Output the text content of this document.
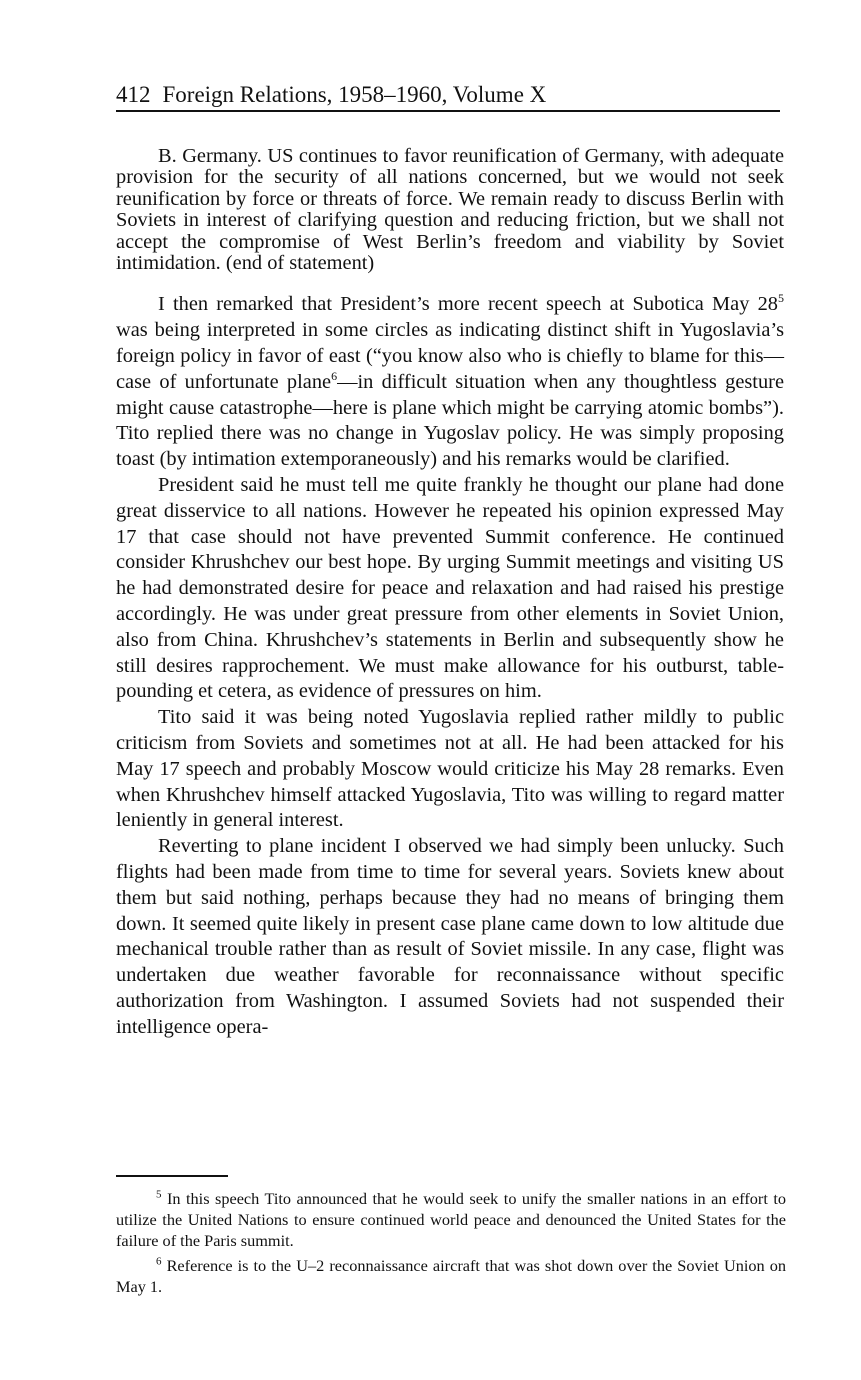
412 Foreign Relations, 1958–1960, Volume X

B. Germany. US continues to favor reunification of Germany, with adequate provision for the security of all nations concerned, but we would not seek reunification by force or threats of force. We remain ready to discuss Berlin with Soviets in interest of clarifying question and reducing friction, but we shall not accept the compromise of West Berlin’s freedom and viability by Soviet intimidation. (end of statement)

I then remarked that President’s more recent speech at Subotica May $28^5$ was being interpreted in some circles as indicating distinct shift in Yugoslavia’s foreign policy in favor of east (“you know also who is chiefly to blame for this—case of unfortunate plane$^6$—in difficult situation when any thoughtless gesture might cause catastrophe—here is plane which might be carrying atomic bombs”). Tito replied there was no change in Yugoslav policy. He was simply proposing toast (by intimation extemporaneously) and his remarks would be clarified.

President said he must tell me quite frankly he thought our plane had done great disservice to all nations. However he repeated his opinion expressed May 17 that case should not have prevented Summit conference. He continued consider Khrushchev our best hope. By urging Summit meetings and visiting US he had demonstrated desire for peace and relaxation and had raised his prestige accordingly. He was under great pressure from other elements in Soviet Union, also from China. Khrushchev’s statements in Berlin and subsequently show he still desires rapprochement. We must make allowance for his outburst, table-pounding et cetera, as evidence of pressures on him.

Tito said it was being noted Yugoslavia replied rather mildly to public criticism from Soviets and sometimes not at all. He had been attacked for his May 17 speech and probably Moscow would criticize his May 28 remarks. Even when Khrushchev himself attacked Yugoslavia, Tito was willing to regard matter leniently in general interest.

Reverting to plane incident I observed we had simply been unlucky. Such flights had been made from time to time for several years. Soviets knew about them but said nothing, perhaps because they had no means of bringing them down. It seemed quite likely in present case plane came down to low altitude due mechanical trouble rather than as result of Soviet missile. In any case, flight was undertaken due weather favorable for reconnaissance without specific authorization from Washington. I assumed Soviets had not suspended their intelligence opera-

$^5$ In this speech Tito announced that he would seek to unify the smaller nations in an effort to utilize the United Nations to ensure continued world peace and denounced the United States for the failure of the Paris summit.

$^6$ Reference is to the U–2 reconnaissance aircraft that was shot down over the Soviet Union on May 1.
